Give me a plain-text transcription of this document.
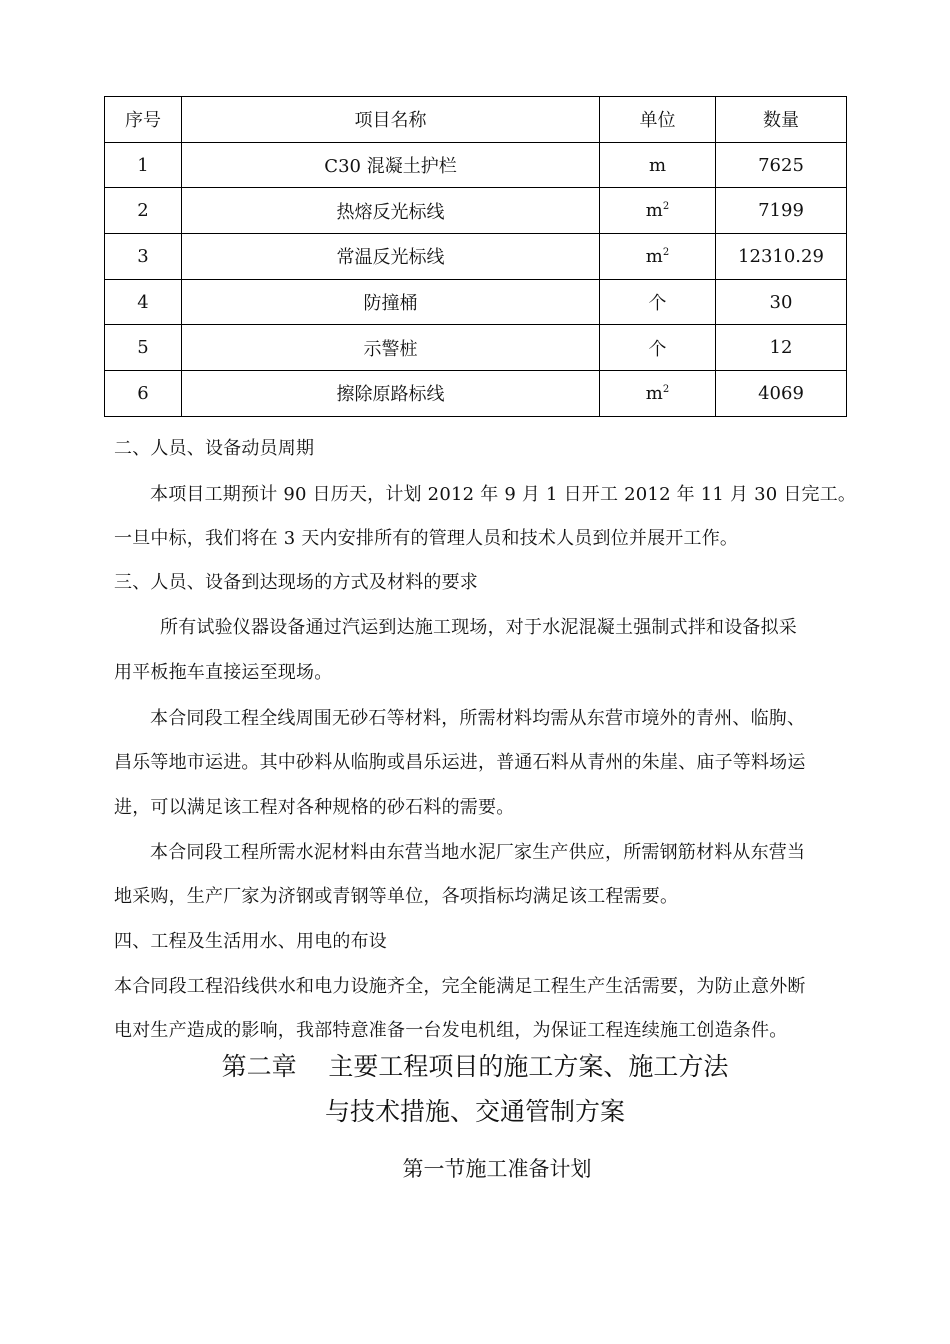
序号	项目名称	单位	数量
1	C30 混凝土护栏	m	7625
2	热熔反光标线	$m^2$	7199
3	常温反光标线	$m^2$	12310.29
4	防撞桶	个	30
5	示警桩	个	12
6	擦除原路标线	$m^2$	4069
二、人员、设备动员周期
本项目工期预计 90 日历天，计划 2012 年 9 月 1 日开工 2012 年 11 月 30 日完工。
一旦中标，我们将在 3 天内安排所有的管理人员和技术人员到位并展开工作。
三、人员、设备到达现场的方式及材料的要求
所有试验仪器设备通过汽运到达施工现场，对于水泥混凝土强制式拌和设备拟采
用平板拖车直接运至现场。
本合同段工程全线周围无砂石等材料，所需材料均需从东营市境外的青州、临朐、
昌乐等地市运进。其中砂料从临朐或昌乐运进，普通石料从青州的朱崖、庙子等料场运
进，可以满足该工程对各种规格的砂石料的需要。
本合同段工程所需水泥材料由东营当地水泥厂家生产供应，所需钢筋材料从东营当
地采购，生产厂家为济钢或青钢等单位，各项指标均满足该工程需要。
四、工程及生活用水、用电的布设
本合同段工程沿线供水和电力设施齐全，完全能满足工程生产生活需要，为防止意外断
电对生产造成的影响，我部特意准备一台发电机组，为保证工程连续施工创造条件。
第二章    主要工程项目的施工方案、施工方法
与技术措施、交通管制方案
第一节施工准备计划
